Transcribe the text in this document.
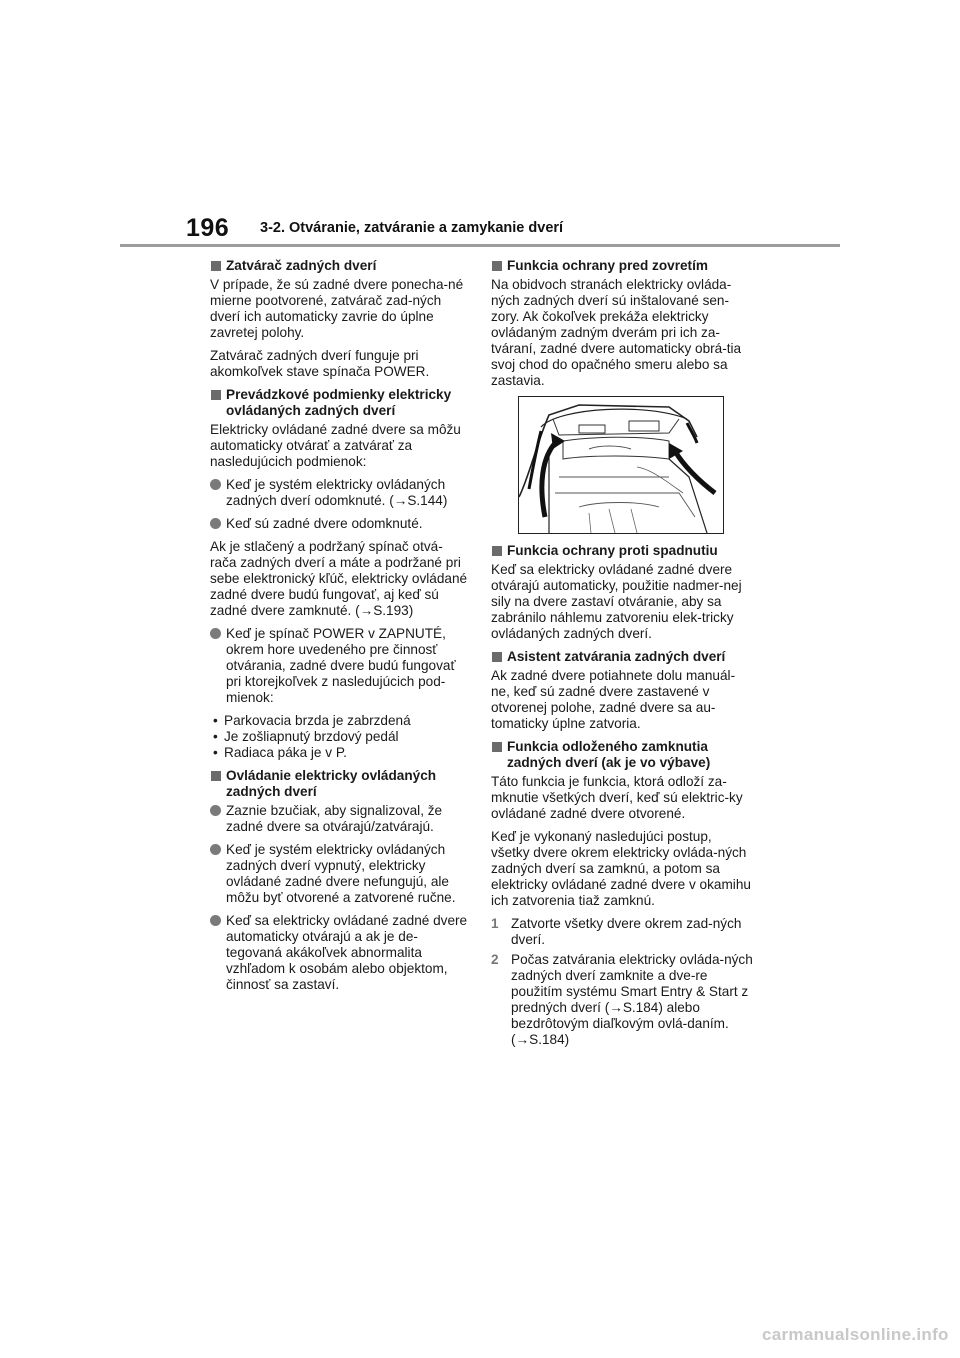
196 3-2. Otváranie, zatváranie a zamykanie dverí
Zatvárač zadných dverí

V prípade, že sú zadné dvere ponecha-né mierne pootvorené, zatvárač zad-ných dverí ich automaticky zavrie do úplne zavretej polohy.

Zatvárač zadných dverí funguje pri akomkoľvek stave spínača POWER.

Prevádzkové podmienky elektricky ovládaných zadných dverí

Elektricky ovládané zadné dvere sa môžu automaticky otvárať a zatvárať za nasledujúcich podmienok:

Keď je systém elektricky ovládaných zadných dverí odomknuté. (→S.144)
Keď sú zadné dvere odomknuté.

Ak je stlačený a podržaný spínač otvá-rača zadných dverí a máte a podržané pri sebe elektronický kľúč, elektricky ovládané zadné dvere budú fungovať, aj keď sú zadné dvere zamknuté. (→S.193)

Keď je spínač POWER v ZAPNUTÉ, okrem hore uvedeného pre činnosť otvárania, zadné dvere budú fungovať pri ktorejkoľvek z nasledujúcich pod-mienok:
• Parkovacia brzda je zabrzdená
• Je zošliapnutý brzdový pedál
• Radiaca páka je v P.
Ovládanie elektricky ovládaných zadných dverí
Zaznie bzučiak, aby signalizoval, že zadné dvere sa otvárajú/zatvárajú.
Keď je systém elektricky ovládaných zadných dverí vypnutý, elektricky ovládané zadné dvere nefungujú, ale môžu byť otvorené a zatvorené ručne.
Keď sa elektricky ovládané zadné dvere automaticky otvárajú a ak je de-tegovaná akákoľvek abnormalita vzhľadom k osobám alebo objektom, činnosť sa zastaví.
Funkcia ochrany pred zovretím

Na obidvoch stranách elektricky ovláda-ných zadných dverí sú inštalované sen-zory. Ak čokoľvek prekáža elektricky ovládaným zadným dverám pri ich za-tváraní, zadné dvere automaticky obrá-tia svoj chod do opačného smeru alebo sa zastavia.

Funkcia ochrany proti spadnutiu

Keď sa elektricky ovládané zadné dvere otvárajú automaticky, použitie nadmer-nej sily na dvere zastaví otváranie, aby sa zabránilo náhlemu zatvoreniu elek-tricky ovládaných zadných dverí.

Asistent zatvárania zadných dverí

Ak zadné dvere potiahnete dolu manuál-ne, keď sú zadné dvere zastavené v otvorenej polohe, zadné dvere sa au-tomaticky úplne zatvoria.

Funkcia odloženého zamknutia zadných dverí (ak je vo výbave)

Táto funkcia je funkcia, ktorá odloží za-mknutie všetkých dverí, keď sú elektric-ky ovládané zadné dvere otvorené.

Keď je vykonaný nasledujúci postup, všetky dvere okrem elektricky ovláda-ných zadných dverí sa zamknú, a potom sa elektricky ovládané zadné dvere v okamihu ich zatvorenia tiaž zamknú.

1 Zatvorte všetky dvere okrem zad-ných dverí.
2 Počas zatvárania elektricky ovláda-ných zadných dverí zamknite a dve-re použitím systému Smart Entry & Start z predných dverí (→S.184) alebo bezdrôtovým diaľkovým ovlá-daním. (→S.184)
carmanualsonline.info
